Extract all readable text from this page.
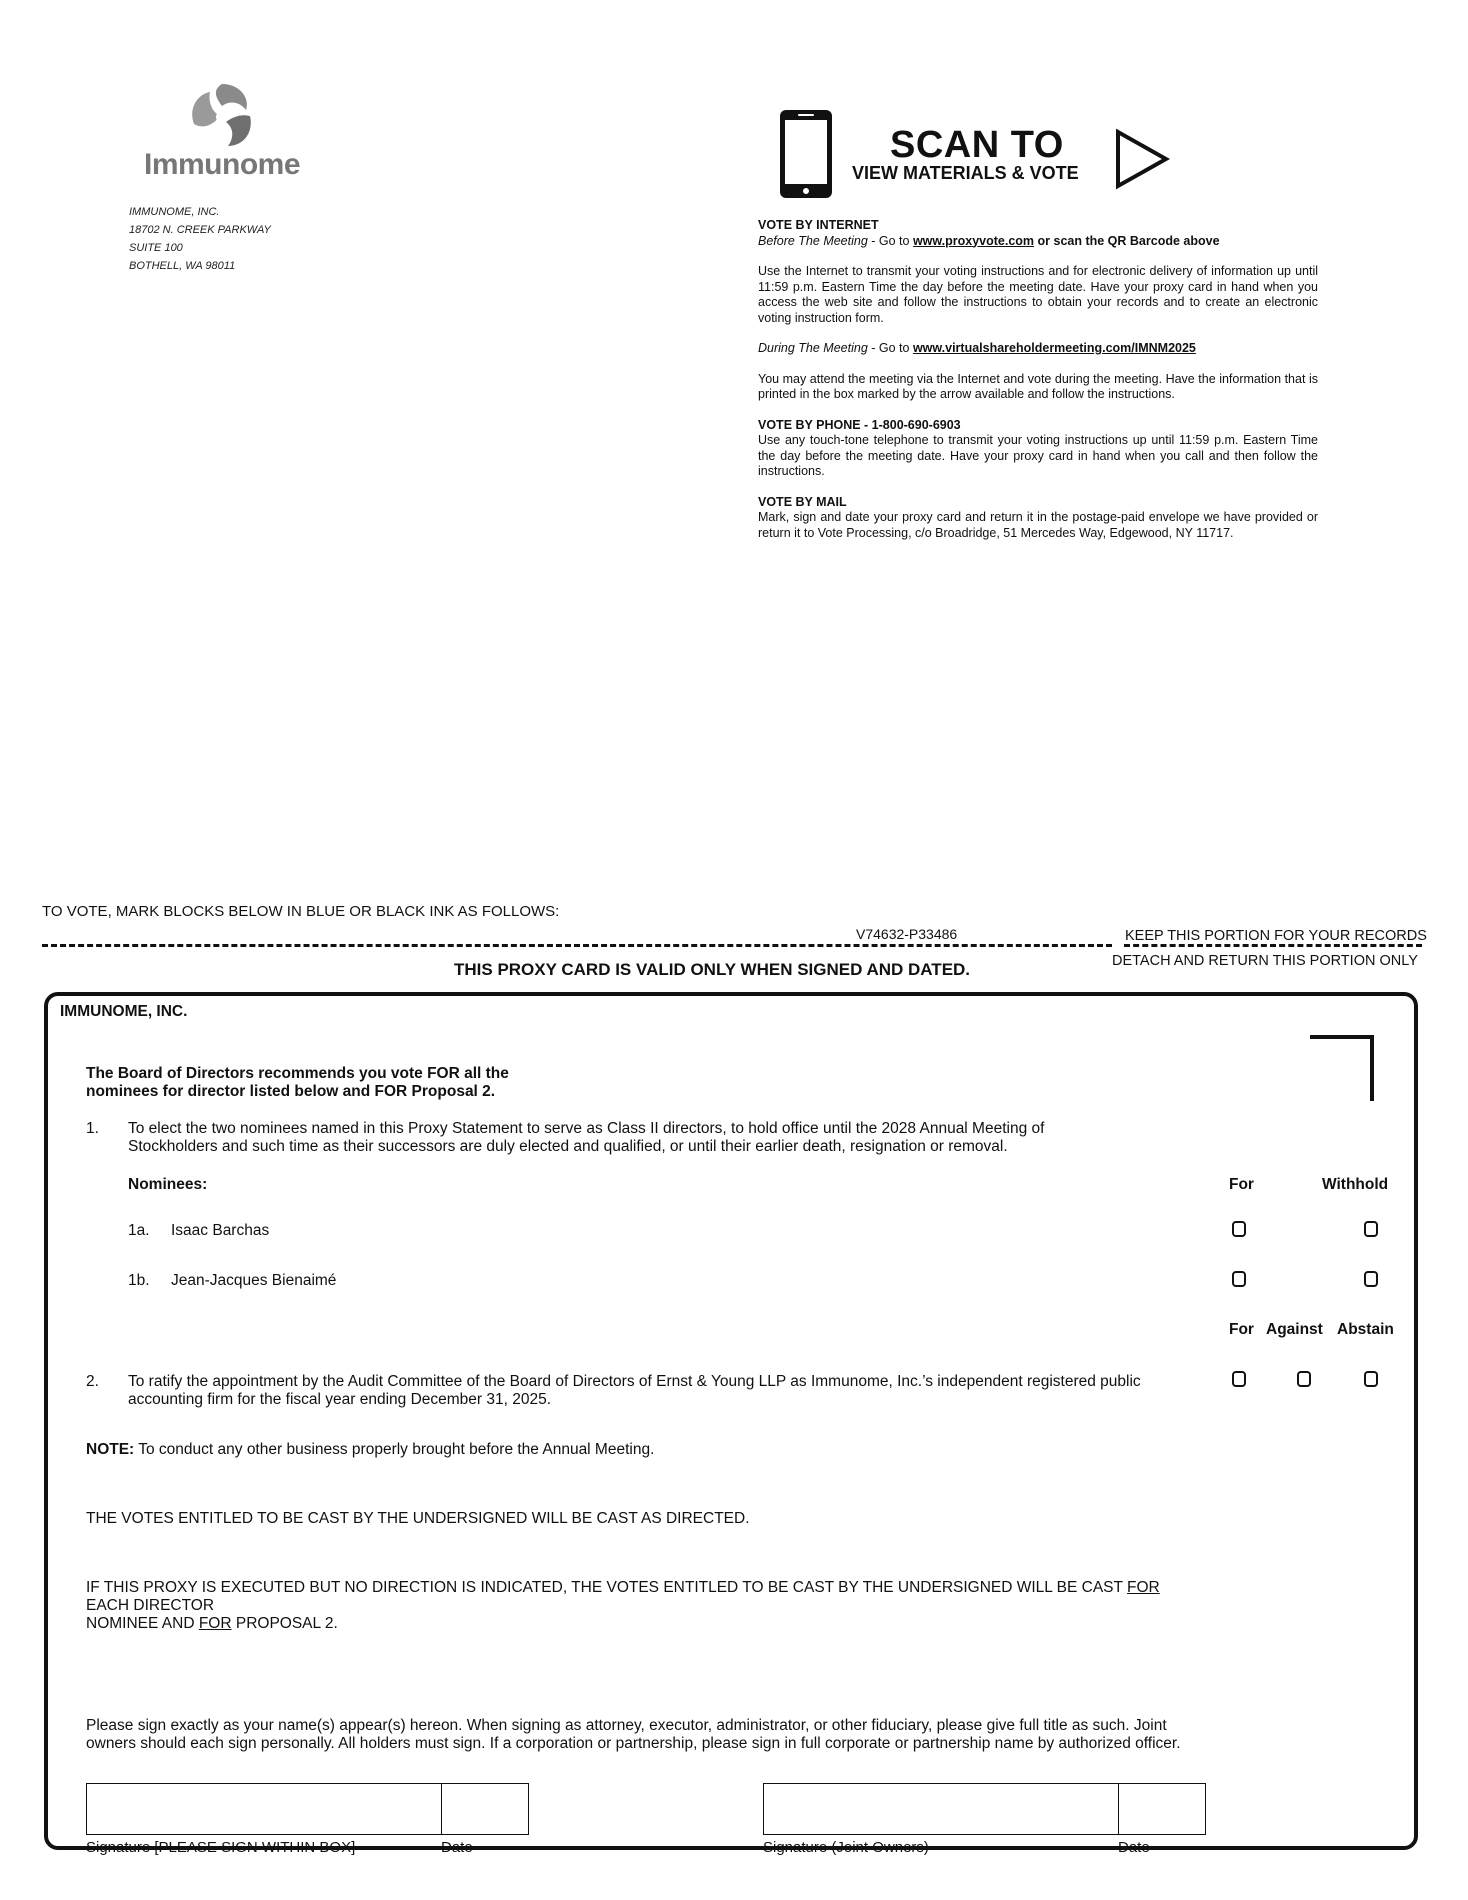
Immunome
IMMUNOME, INC.
18702 N. CREEK PARKWAY
SUITE 100
BOTHELL, WA 98011
SCAN TO
VIEW MATERIALS & VOTE

VOTE BY INTERNET
Before The Meeting - Go to www.proxyvote.com or scan the QR Barcode above

Use the Internet to transmit your voting instructions and for electronic delivery of information up until 11:59 p.m. Eastern Time the day before the meeting date. Have your proxy card in hand when you access the web site and follow the instructions to obtain your records and to create an electronic voting instruction form.

During The Meeting - Go to www.virtualshareholdermeeting.com/IMNM2025

You may attend the meeting via the Internet and vote during the meeting. Have the information that is printed in the box marked by the arrow available and follow the instructions.

VOTE BY PHONE - 1-800-690-6903
Use any touch-tone telephone to transmit your voting instructions up until 11:59 p.m. Eastern Time the day before the meeting date. Have your proxy card in hand when you call and then follow the instructions.

VOTE BY MAIL
Mark, sign and date your proxy card and return it in the postage-paid envelope we have provided or return it to Vote Processing, c/o Broadridge, 51 Mercedes Way, Edgewood, NY 11717.

TO VOTE, MARK BLOCKS BELOW IN BLUE OR BLACK INK AS FOLLOWS:
V74632-P33486	KEEP THIS PORTION FOR YOUR RECORDS
DETACH AND RETURN THIS PORTION ONLY
THIS PROXY CARD IS VALID ONLY WHEN SIGNED AND DATED.
IMMUNOME, INC.
The Board of Directors recommends you vote FOR all the
nominees for director listed below and FOR Proposal 2.
1. To elect the two nominees named in this Proxy Statement to serve as Class II directors, to hold office until the 2028 Annual Meeting of
Stockholders and such time as their successors are duly elected and qualified, or until their earlier death, resignation or removal.
Nominees:	For	Withhold
1a. Isaac Barchas
1b. Jean-Jacques Bienaimé
For Against Abstain
2. To ratify the appointment by the Audit Committee of the Board of Directors of Ernst & Young LLP as Immunome, Inc.’s independent registered public
accounting firm for the fiscal year ending December 31, 2025.
NOTE: To conduct any other business properly brought before the Annual Meeting.
THE VOTES ENTITLED TO BE CAST BY THE UNDERSIGNED WILL BE CAST AS DIRECTED.
IF THIS PROXY IS EXECUTED BUT NO DIRECTION IS INDICATED, THE VOTES ENTITLED TO BE CAST BY THE UNDERSIGNED WILL BE CAST FOR EACH DIRECTOR
NOMINEE AND FOR PROPOSAL 2.
Please sign exactly as your name(s) appear(s) hereon. When signing as attorney, executor, administrator, or other fiduciary, please give full title as such. Joint
owners should each sign personally. All holders must sign. If a corporation or partnership, please sign in full corporate or partnership name by authorized officer.
Signature [PLEASE SIGN WITHIN BOX]	Date	Signature (Joint Owners)	Date
